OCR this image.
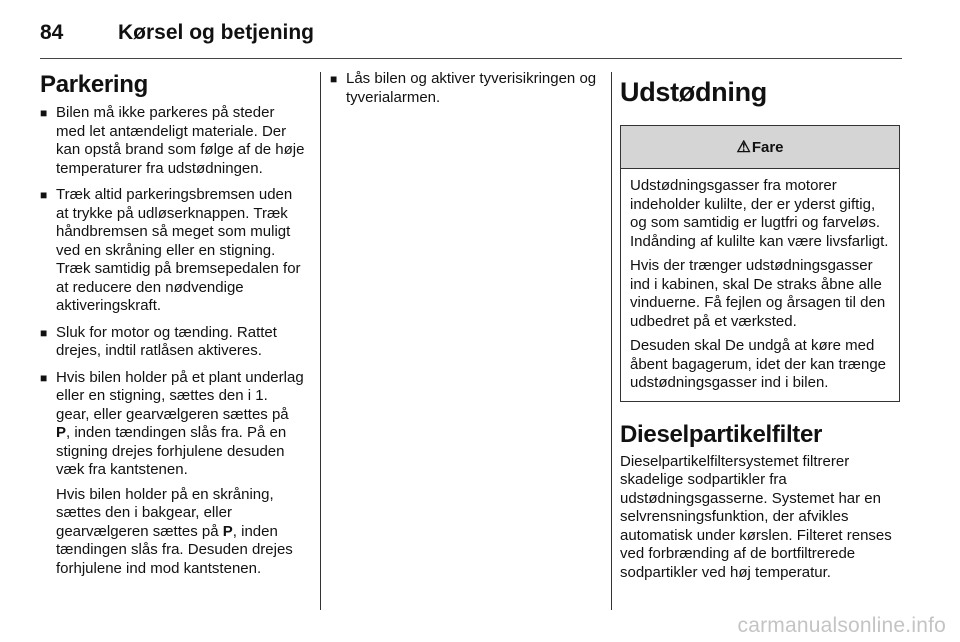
84	Kørsel og betjening
Parkering
■ Bilen må ikke parkeres på steder med let antændeligt materiale. Der kan opstå brand som følge af de høje temperaturer fra udstødningen.
■ Træk altid parkeringsbremsen uden at trykke på udløserknappen. Træk håndbremsen så meget som muligt ved en skråning eller en stigning. Træk samtidig på bremsepedalen for at reducere den nødvendige aktiveringskraft.
■ Sluk for motor og tænding. Rattet drejes, indtil ratlåsen aktiveres.
■ Hvis bilen holder på et plant underlag eller en stigning, sættes den i 1. gear, eller gearvælgeren sættes på P, inden tændingen slås fra. På en stigning drejes forhjulene desuden væk fra kantstenen.

Hvis bilen holder på en skråning, sættes den i bakgear, eller gearvælgeren sættes på P, inden tændingen slås fra. Desuden drejes forhjulene ind mod kantstenen.

■ Lås bilen og aktiver tyverisikringen og tyverialarmen.	Udstødning
⚠ Fare

Udstødningsgasser fra motorer indeholder kulilte, der er yderst giftig, og som samtidig er lugtfri og farveløs. Indånding af kulilte kan være livsfarligt.

Hvis der trænger udstødningsgasser ind i kabinen, skal De straks åbne alle vinduerne. Få fejlen og årsagen til den udbedret på et værksted.

Desuden skal De undgå at køre med åbent bagagerum, idet der kan trænge udstødningsgasser ind i bilen.

Dieselpartikelfilter

Dieselpartikelfiltersystemet filtrerer skadelige sodpartikler fra udstødningsgasserne. Systemet har en selvrensningsfunktion, der afvikles automatisk under kørslen. Filteret renses ved forbrænding af de bortfiltrerede sodpartikler ved høj temperatur.

carmanualsonline.info
